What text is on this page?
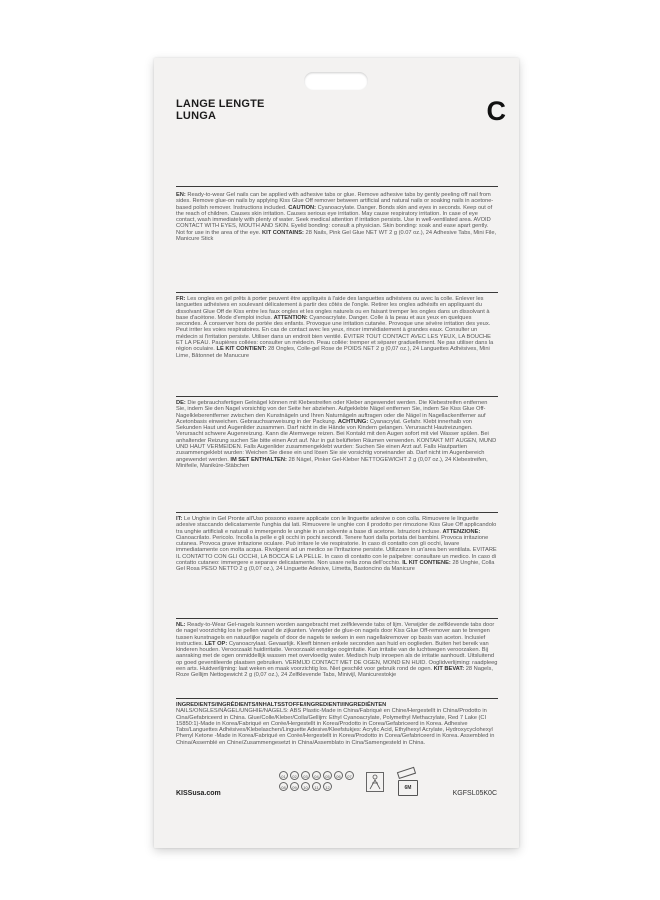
LANGE LENGTE
LUNGA	C
EN: Ready-to-wear Gel nails can be applied with adhesive tabs or glue. Remove adhesive tabs by gently peeling off nail from sides. Remove glue-on nails by applying Kiss Glue Off remover between artificial and natural nails or soaking nails in acetone-based polish remover. Instructions included. CAUTION: Cyanoacrylate. Danger. Bonds skin and eyes in seconds. Keep out of the reach of children. Causes skin irritation. Causes serious eye irritation. May cause respiratory irritation. In case of eye contact, wash immediately with plenty of water. Seek medical attention if irritation persists. Use in well-ventilated area. AVOID CONTACT WITH EYES, MOUTH AND SKIN. Eyelid bonding: consult a physician. Skin bonding: soak and ease apart gently. Not for use in the area of the eye. KIT CONTAINS: 28 Nails, Pink Gel Glue NET WT 2 g (0.07 oz.), 24 Adhesive Tabs, Mini File, Manicure Stick
FR: Les ongles en gel prêts à porter peuvent être appliqués à l'aide des languettes adhésives ou avec la colle. Enlever les languettes adhésives en soulevant délicatement à partir des côtés de l'ongle. Retirer les ongles adhésifs en appliquant du dissolvant Glue Off de Kiss entre les faux ongles et les ongles naturels ou en faisant tremper les ongles dans un dissolvant à base d'acétone. Mode d'emploi inclus. ATTENTION: Cyanoacrylate. Danger. Colle à la peau et aux yeux en quelques secondes. À conserver hors de portée des enfants. Provoque une irritation cutanée. Provoque une sévère irritation des yeux. Peut irriter les voies respiratoires. En cas de contact avec les yeux, rincer immédiatement à grandes eaux. Consulter un médecin si l'irritation persiste. Utiliser dans un endroit bien ventilé. ÉVITER TOUT CONTACT AVEC LES YEUX, LA BOUCHE ET LA PEAU. Paupières collées: consulter un médecin. Peau collée: tremper et séparer graduellement. Ne pas utiliser dans la région oculaire. LE KIT CONTIENT: 28 Ongles, Colle-gel Rose de POIDS NET 2 g (0,07 oz.), 24 Languettes Adhésives, Mini Lime, Bâtonnet de Manucure
DE: Die gebrauchsfertigen Gelnägel können mit Klebestreifen oder Kleber angewendet werden. Die Klebestreifen entfernen Sie, indem Sie den Nagel vorsichtig von der Seite her abziehen. Aufgeklebte Nägel entfernen Sie, indem Sie Kiss Glue Off-Nagelkleberentferner zwischen den Kunstnägeln und Ihren Naturnägeln auftragen oder die Nägel in Nagellackentferner auf Acetonbasis einweichen. Gebrauchsanweisung in der Packung. ACHTUNG: Cyanacrylat. Gefahr. Klebt innerhalb von Sekunden Haut und Augenlider zusammen. Darf nicht in die Hände von Kindern gelangen. Verursacht Hautreizungen. Verursacht schwere Augenreizung. Kann die Atemwege reizen. Bei Kontakt mit den Augen sofort mit viel Wasser spülen. Bei anhaltender Reizung suchen Sie bitte einen Arzt auf. Nur in gut belüfteten Räumen verwenden. KONTAKT MIT AUGEN, MUND UND HAUT VERMEIDEN. Falls Augenlider zusammengeklebt wurden: Suchen Sie einen Arzt auf. Falls Hautpartien zusammengeklebt wurden: Weichen Sie diese ein und lösen Sie sie vorsichtig voneinander ab. Darf nicht im Augenbereich angewendet werden. IM SET ENTHALTEN: 28 Nägel, Pinker Gel-Kleber NETTOGEWICHT 2 g (0,07 oz.), 24 Klebestreifen, Minifeile, Maniküre-Stäbchen
IT: Le Unghie in Gel Pronte all'Uso possono essere applicate con le linguette adesive o con colla. Rimuovere le linguette adesive staccando delicatamente l'unghia dai lati. Rimuovere le unghie con il prodotto per rimozione Kiss Glue Off applicandolo tra unghie artificiali e naturali o immergendo le unghie in un solvente a base di acetone. Istruzioni incluse. ATTENZIONE: Cianoacrilato. Pericolo. Incolla la pelle e gli occhi in pochi secondi. Tenere fuori dalla portata dei bambini. Provoca irritazione cutanea. Provoca grave irritazione oculare. Può irritare le vie respiratorie. In caso di contatto con gli occhi, lavare immediatamente con molta acqua. Rivolgersi ad un medico se l'irritazione persiste. Utilizzare in un'area ben ventilata. EVITARE IL CONTATTO CON GLI OCCHI, LA BOCCA E LA PELLE. In caso di contatto con le palpebre: consultare un medico. In caso di contatto cutaneo: immergere e separare delicatamente. Non usare nella zona dell'occhio. IL KIT CONTIENE: 28 Unghie, Colla Gel Rosa PESO NETTO 2 g (0,07 oz.), 24 Linguette Adesive, Limetta, Bastoncino da Manicure
NL: Ready-to-Wear Gel-nagels kunnen worden aangebracht met zelfklevende tabs of lijm. Verwijder de zelfklevende tabs door de nagel voorzichtig los te pellen vanaf de zijkanten. Verwijder de glue-on nagels door Kiss Glue Off-remover aan te brengen tussen kunstnagels en natuurlijke nagels of door de nagels te weken in een nagellakremover op basis van aceton. Inclusief instructies. LET OP: Cyanoacrylaat. Gevaarlijk. Kleeft binnen enkele seconden aan huid en ooglieden. Buiten het bereik van kinderen houden. Veroorzaakt huidirritatie. Veroorzaakt ernstige oogirritatie. Kan irritatie van de luchtwegen veroorzaken. Bij aanraking met de ogen onmiddellijk wassen met overvloedig water. Medisch hulp inroepen als de irritatie aanhoudt. Uitsluitend op goed geventileerde plaatsen gebruiken. VERMIJD CONTACT MET DE OGEN, MOND EN HUID. Ooglidverlijming: raadpleeg een arts. Huidverlijming: laat weken en maak voorzichtig los. Niet geschikt voor gebruik rond de ogen. KIT BEVAT: 28 Nagels, Roze Gellijm Nettogewicht 2 g (0,07 oz.), 24 Zelfklevende Tabs, Minivijl, Manicurestokje
INGREDIENTS/INGRÉDIENTS/INHALTSSTOFFE/INGREDIENTI/INGREDIËNTEN
NAILS/ONGLES/NÄGEL/UNGHIE/NAGELS: ABS Plastic-Made in China/Fabriqué en Chine/Hergestellt in China/Prodotto in Cina/Gefabriceerd in China. Glue/Colle/Kleber/Colla/Gellijm: Ethyl Cyanoacrylate, Polymethyl Methacrylate, Red 7 Lake (CI 15850:1)-Made in Korea/Fabriqué en Corée/Hergestellt in Korea/Prodotto in Corea/Gefabriceerd in Korea. Adhesive Tabs/Languettes Adhésives/Klebelaschen/Linguette Adesive/Kleefstukjes: Acrylic Acid, Ethylhexyl Acrylate, Hydroxycyclohexyl Phenyl Ketone -Made in Korea/Fabriqué en Corée/Hergestellt in Korea/Prodotto in Corea/Gefabriceerd in Korea. Assembled in China/Assemblé en Chine/Zusammengesetzt in China/Assemblato in Cina/Samengesteld in China.
KISSusa.com
01	02	03	04	05	06	07
08	09	10	11	12	6M
KGFSL05K0C
